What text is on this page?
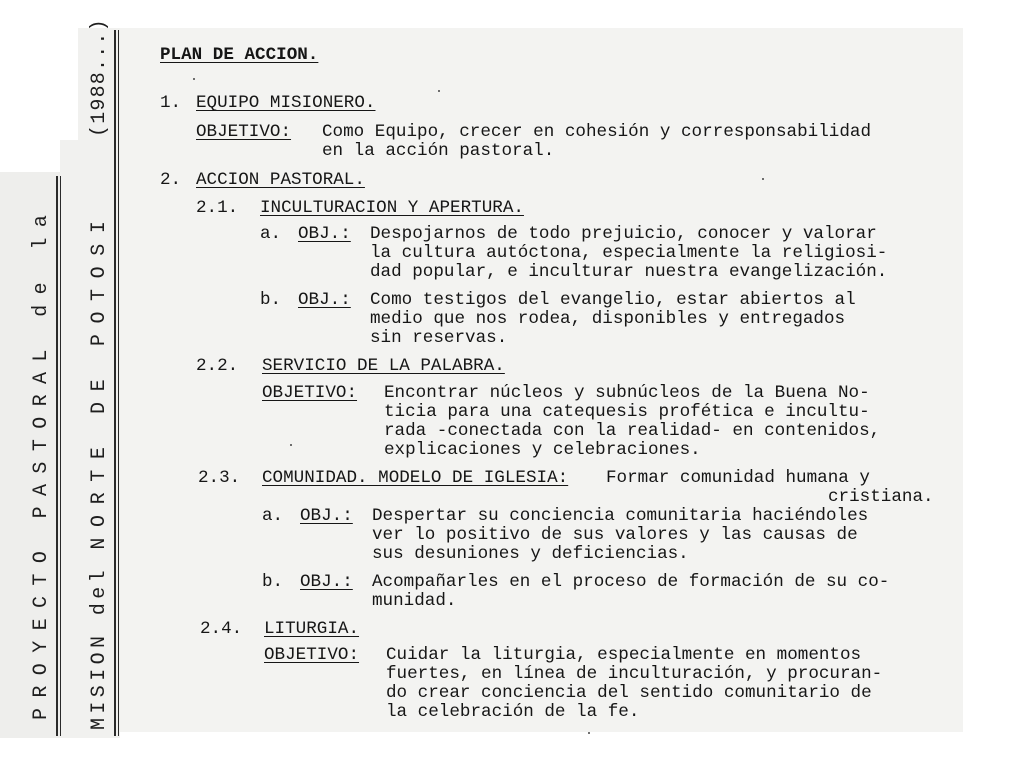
PROYECTO PASTORAL de la MISION del NORTE DE POTOSI
(1988...)	PLAN DE ACCION.
1. EQUIPO MISIONERO.
OBJETIVO: Como Equipo, crecer en cohesión y corresponsabilidad
en la acción pastoral.
2. ACCION PASTORAL.
2.1. INCULTURACION Y APERTURA.
a. OBJ.: Despojarnos de todo prejuicio, conocer y valorar
la cultura autóctona, especialmente la religiosi-
dad popular, e inculturar nuestra evangelización.
b. OBJ.: Como testigos del evangelio, estar abiertos al
medio que nos rodea, disponibles y entregados
sin reservas.
2.2. SERVICIO DE LA PALABRA.
OBJETIVO: Encontrar núcleos y subnúcleos de la Buena No-
ticia para una catequesis profética e incultu-
rada -conectada con la realidad- en contenidos,
explicaciones y celebraciones.
2.3. COMUNIDAD. MODELO DE IGLESIA: Formar comunidad humana y
cristiana.
a. OBJ.: Despertar su conciencia comunitaria haciéndoles
ver lo positivo de sus valores y las causas de
sus desuniones y deficiencias.
b. OBJ.: Acompañarles en el proceso de formación de su co-
munidad.
2.4. LITURGIA.
OBJETIVO: Cuidar la liturgia, especialmente en momentos
fuertes, en línea de inculturación, y procuran-
do crear conciencia del sentido comunitario de
la celebración de la fe.
